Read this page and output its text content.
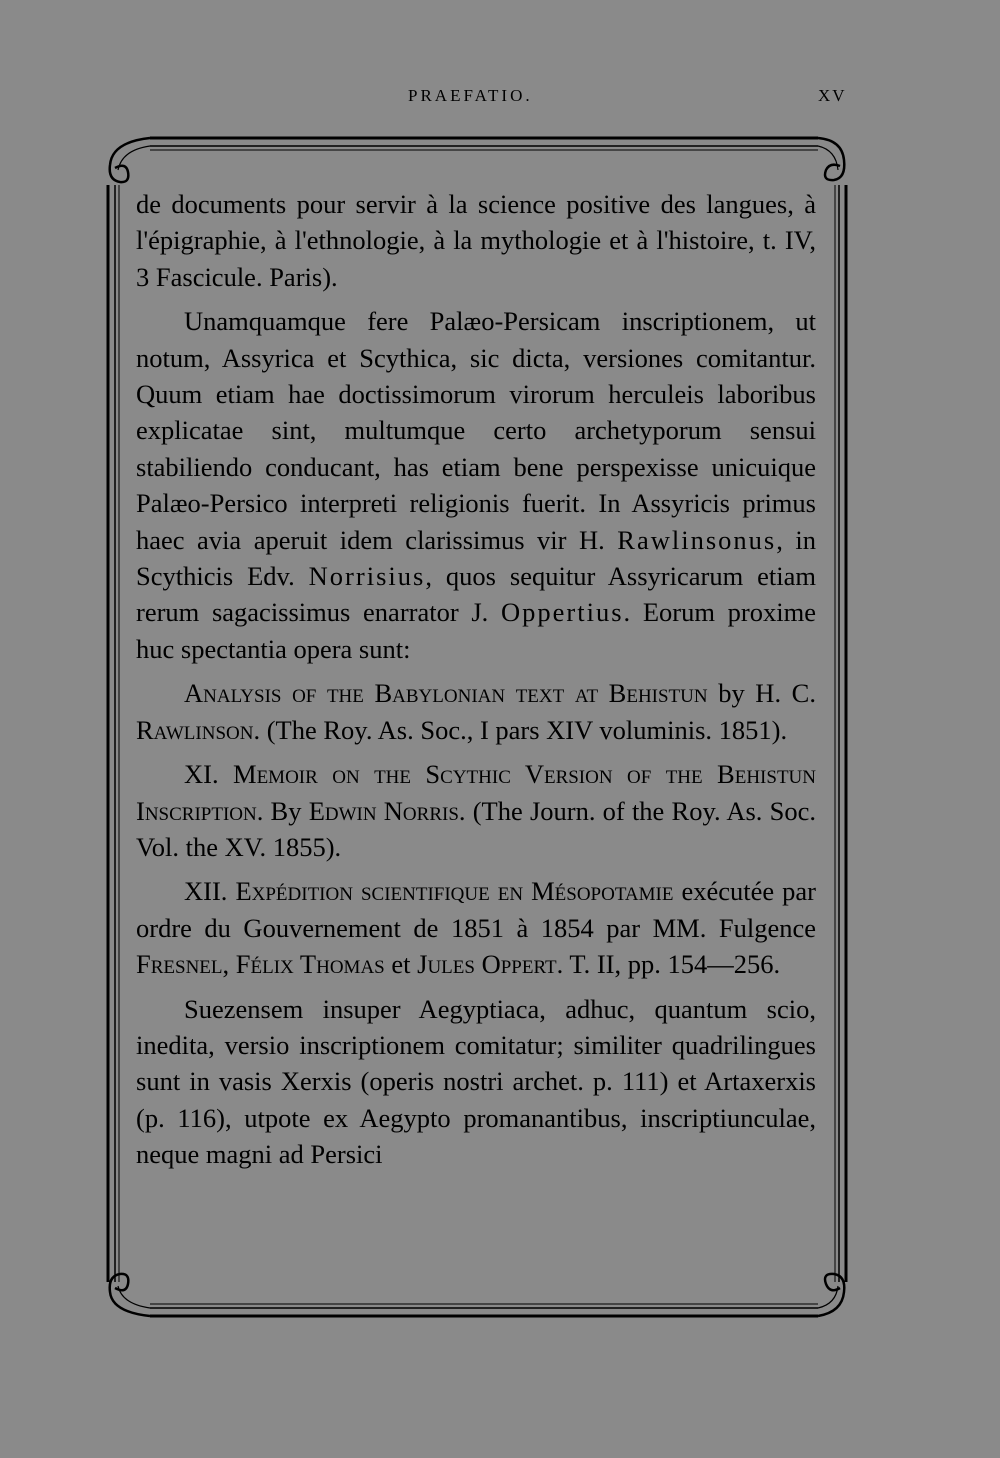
PRAEFATIO.	XV

de documents pour servir à la science positive des langues, à l'épigraphie, à l'ethnologie, à la mythologie et à l'histoire, t. IV, 3 Fascicule. Paris).

Unamquamque fere Palæo-Persicam inscriptionem, ut notum, Assyrica et Scythica, sic dicta, versiones comitantur. Quum etiam hae doctissimorum virorum herculeis laboribus explicatae sint, multumque certo archetyporum sensui stabiliendo conducant, has etiam bene perspexisse unicuique Palæo-Persico interpreti religionis fuerit. In Assyricis primus haec avia aperuit idem clarissimus vir H. Rawlinsonus, in Scythicis Edv. Norrisius, quos sequitur Assyricarum etiam rerum sagacissimus enarrator J. Oppertius. Eorum proxime huc spectantia opera sunt:

Analysis of the Babylonian text at Behistun by H. C. Rawlinson. (The Roy. As. Soc., I pars XIV voluminis. 1851).

XI. Memoir on the Scythic Version of the Behistun Inscription. By Edwin Norris. (The Journ. of the Roy. As. Soc. Vol. the XV. 1855).

XII. Expédition scientifique en Mésopotamie exécutée par ordre du Gouvernement de 1851 à 1854 par MM. Fulgence Fresnel, Félix Thomas et Jules Oppert. T. II, pp. 154—256.

Suezensem insuper Aegyptiaca, adhuc, quantum scio, inedita, versio inscriptionem comitatur; similiter quadrilingues sunt in vasis Xerxis (operis nostri archet. p. 111) et Artaxerxis (p. 116), utpote ex Aegypto promanantibus, inscriptiunculae, neque magni ad Persici
